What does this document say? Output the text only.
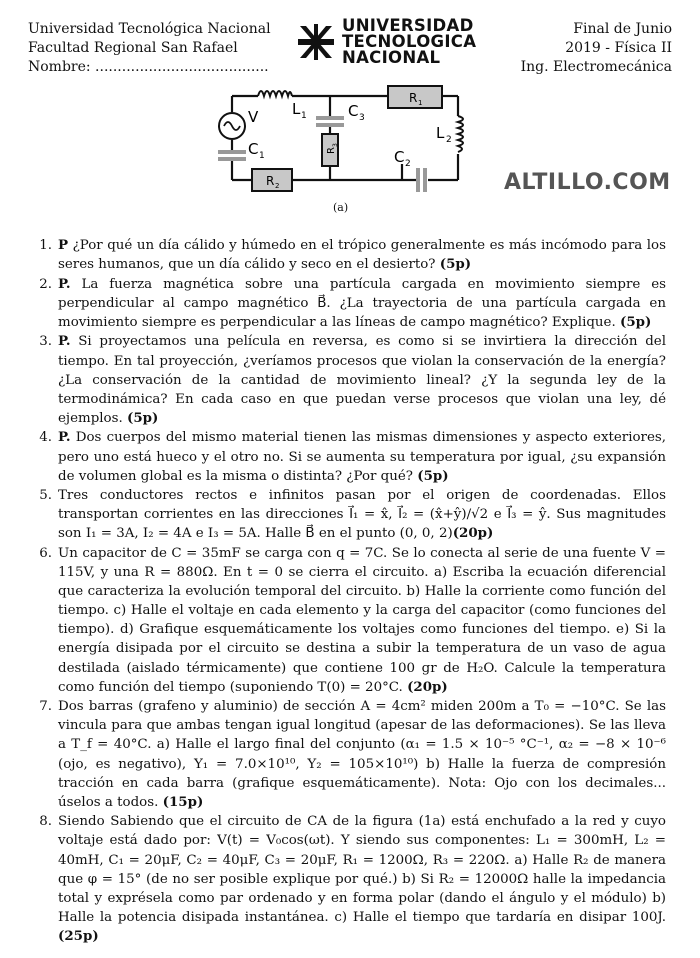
Universidad Tecnológica Nacional
Facultad Regional San Rafael
Nombre: .......................................
UNIVERSIDAD
TECNOLOGICA
NACIONAL
Final de Junio
2019 - Física II
Ing. Electromecánica
V L 1	C 3
R 1
L 2
C 1	C 2
R 2
R
3
(a)
ALTILLO.COM
1. P ¿Por qué un día cálido y húmedo en el trópico generalmente es más incómodo para los seres humanos, que un día cálido y seco en el desierto? (5p)
2. P. La fuerza magnética sobre una partícula cargada en movimiento siempre es perpendicular al campo magnético B⃗. ¿La trayectoria de una partícula cargada en movimiento siempre es perpendicular a las líneas de campo magnético? Explique. (5p)
3. P. Si proyectamos una película en reversa, es como si se invirtiera la dirección del tiempo. En tal proyección, ¿veríamos procesos que violan la conservación de la energía? ¿La conservación de la cantidad de movimiento lineal? ¿Y la segunda ley de la termodinámica? En cada caso en que puedan verse procesos que violan una ley, dé ejemplos. (5p)
4. P. Dos cuerpos del mismo material tienen las mismas dimensiones y aspecto exteriores, pero uno está hueco y el otro no. Si se aumenta su temperatura por igual, ¿su expansión de volumen global es la misma o distinta? ¿Por qué? (5p)
5. Tres conductores rectos e infinitos pasan por el origen de coordenadas. Ellos transportan corrientes en las direcciones I⃗₁ = x̂, I⃗₂ = (x̂+ŷ)/√2 e I⃗₃ = ŷ. Sus magnitudes son I₁ = 3A, I₂ = 4A e I₃ = 5A. Halle B⃗ en el punto (0, 0, 2)(20p)
6. Un capacitor de C = 35mF se carga con q = 7C. Se lo conecta al serie de una fuente V = 115V, y una R = 880Ω. En t = 0 se cierra el circuito. a) Escriba la ecuación diferencial que caracteriza la evolución temporal del circuito. b) Halle la corriente como función del tiempo. c) Halle el voltaje en cada elemento y la carga del capacitor (como funciones del tiempo). d) Grafique esquemáticamente los voltajes como funciones del tiempo. e) Si la energía disipada por el circuito se destina a subir la temperatura de un vaso de agua destilada (aislado térmicamente) que contiene 100 gr de H₂O. Calcule la temperatura como función del tiempo (suponiendo T(0) = 20°C. (20p)
7. Dos barras (grafeno y aluminio) de sección A = 4cm² miden 200m a T₀ = −10°C. Se las vincula para que ambas tengan igual longitud (apesar de las deformaciones). Se las lleva a T_f = 40°C. a) Halle el largo final del conjunto (α₁ = 1.5 × 10⁻⁵ °C⁻¹, α₂ = −8 × 10⁻⁶ (ojo, es negativo), Y₁ = 7.0×10¹⁰, Y₂ = 105×10¹⁰) b) Halle la fuerza de compresión tracción en cada barra (grafique esquemáticamente). Nota: Ojo con los decimales... úselos a todos. (15p)
8. Siendo Sabiendo que el circuito de CA de la figura (1a) está enchufado a la red y cuyo voltaje está dado por: V(t) = V₀cos(ωt). Y siendo sus componentes: L₁ = 300mH, L₂ = 40mH, C₁ = 20μF, C₂ = 40μF, C₃ = 20μF, R₁ = 1200Ω, R₃ = 220Ω. a) Halle R₂ de manera que φ = 15° (de no ser posible explique por qué.) b) Si R₂ = 12000Ω halle la impedancia total y exprésela como par ordenado y en forma polar (dando el ángulo y el módulo) b) Halle la potencia disipada instantánea. c) Halle el tiempo que tardaría en disipar 100J. (25p)
